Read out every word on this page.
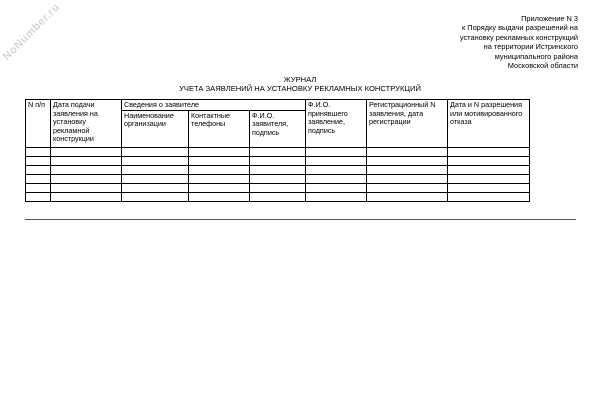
NoNumber.ru	Приложение N 3
к Порядку выдачи разрешений на
установку рекламных конструкций
на территории Истринского
муниципального района
Московской области
ЖУРНАЛ
УЧЕТА ЗАЯВЛЕНИЙ НА УСТАНОВКУ РЕКЛАМНЫХ КОНСТРУКЦИЙ
N п/п	Дата подачи заявления на установку рекламной конструкции	Сведения о заявителе			Ф.И.О. принявшего заявление, подпись	Регистрационный N заявления, дата регистрации	Дата и N разрешения или мотивированного отказа
		Наименование организации	Контактные телефоны	Ф.И.О. заявителя, подпись			
